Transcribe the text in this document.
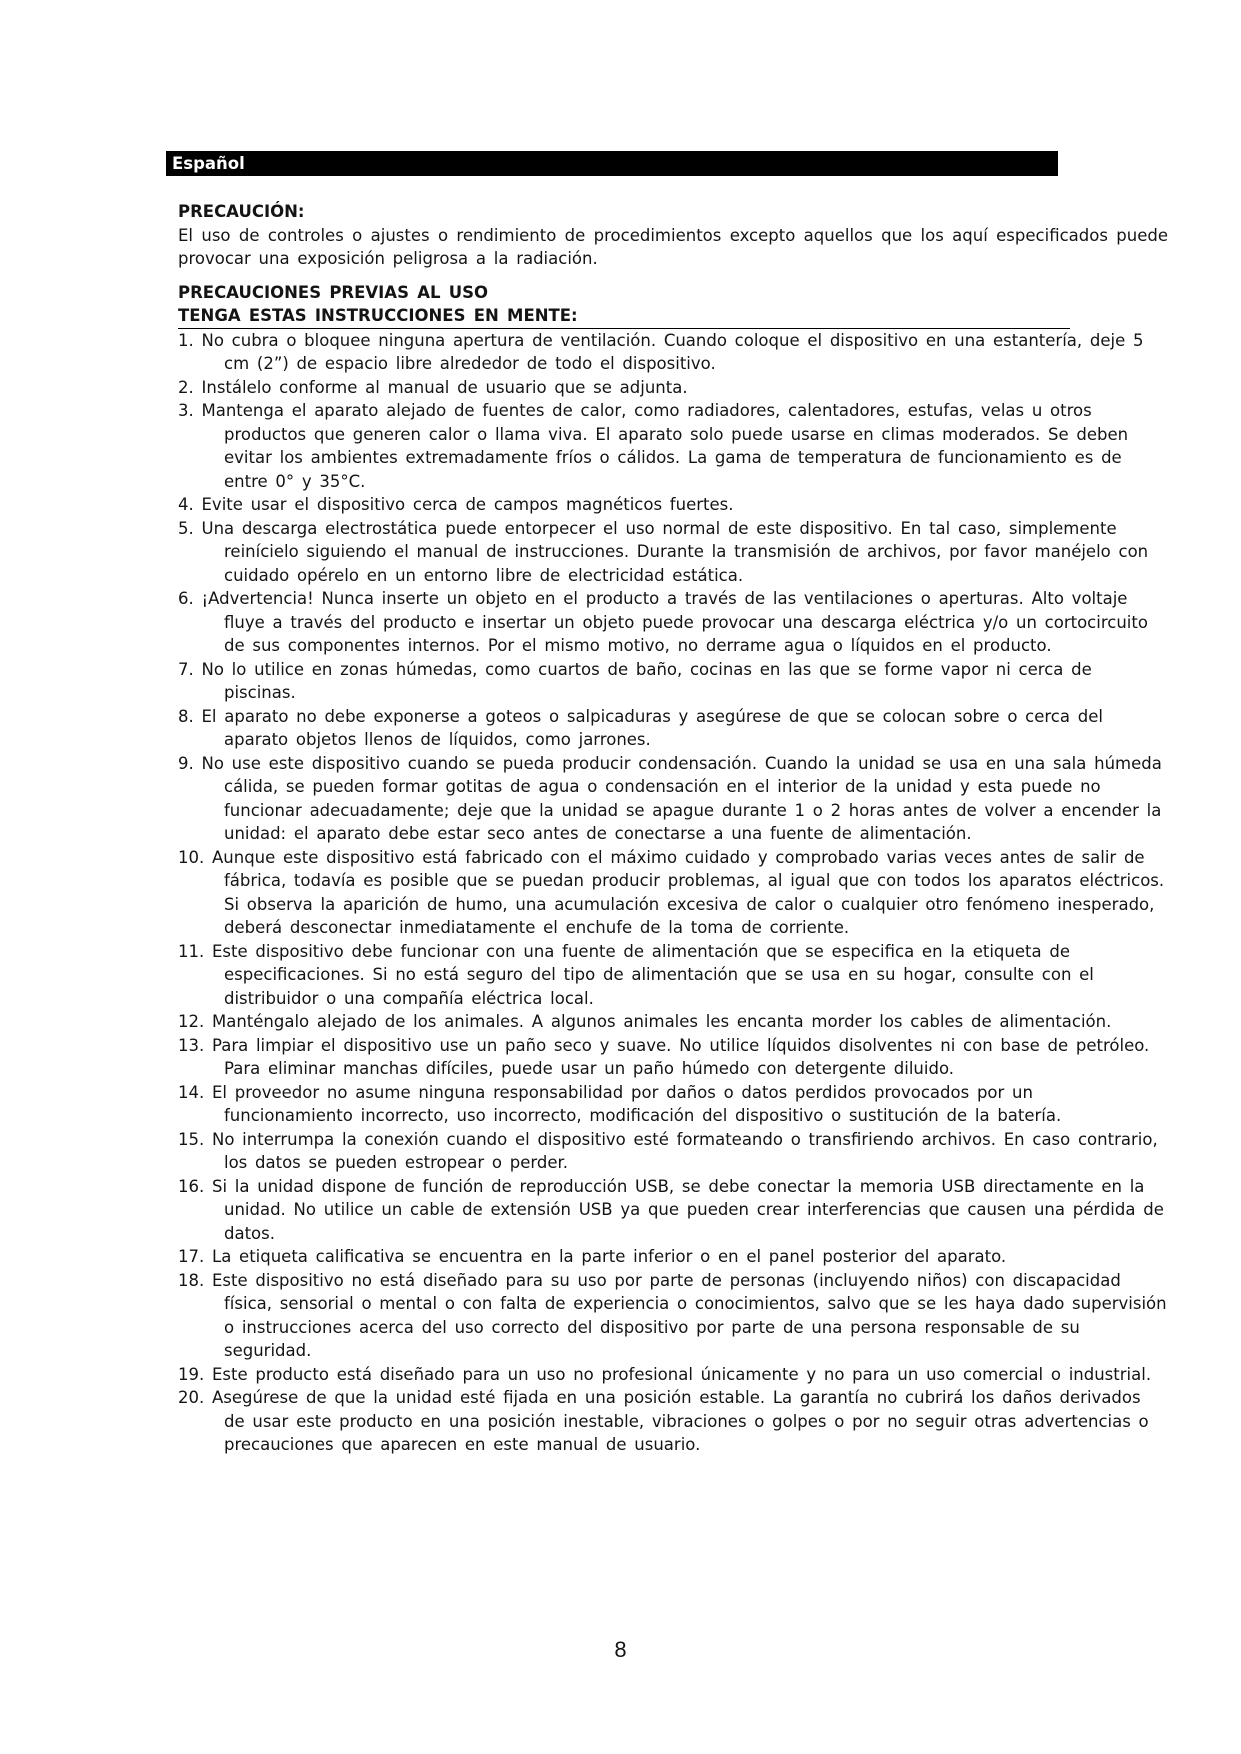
Español
PRECAUCIÓN:

El uso de controles o ajustes o rendimiento de procedimientos excepto aquellos que los aquí especificados puede provocar una exposición peligrosa a la radiación.

PRECAUCIONES PREVIAS AL USO
TENGA ESTAS INSTRUCCIONES EN MENTE:
1. No cubra o bloquee ninguna apertura de ventilación. Cuando coloque el dispositivo en una estantería, deje 5 cm (2”) de espacio libre alrededor de todo el dispositivo.
2. Instálelo conforme al manual de usuario que se adjunta.
3. Mantenga el aparato alejado de fuentes de calor, como radiadores, calentadores, estufas, velas u otros productos que generen calor o llama viva. El aparato solo puede usarse en climas moderados. Se deben evitar los ambientes extremadamente fríos o cálidos. La gama de temperatura de funcionamiento es de entre 0° y 35°C.
4. Evite usar el dispositivo cerca de campos magnéticos fuertes.
5. Una descarga electrostática puede entorpecer el uso normal de este dispositivo. En tal caso, simplemente reinícielo siguiendo el manual de instrucciones. Durante la transmisión de archivos, por favor manéjelo con cuidado opérelo en un entorno libre de electricidad estática.
6. ¡Advertencia! Nunca inserte un objeto en el producto a través de las ventilaciones o aperturas. Alto voltaje fluye a través del producto e insertar un objeto puede provocar una descarga eléctrica y/o un cortocircuito de sus componentes internos. Por el mismo motivo, no derrame agua o líquidos en el producto.
7. No lo utilice en zonas húmedas, como cuartos de baño, cocinas en las que se forme vapor ni cerca de piscinas.
8. El aparato no debe exponerse a goteos o salpicaduras y asegúrese de que se colocan sobre o cerca del aparato objetos llenos de líquidos, como jarrones.
9. No use este dispositivo cuando se pueda producir condensación. Cuando la unidad se usa en una sala húmeda cálida, se pueden formar gotitas de agua o condensación en el interior de la unidad y esta puede no funcionar adecuadamente; deje que la unidad se apague durante 1 o 2 horas antes de volver a encender la unidad: el aparato debe estar seco antes de conectarse a una fuente de alimentación.
10. Aunque este dispositivo está fabricado con el máximo cuidado y comprobado varias veces antes de salir de fábrica, todavía es posible que se puedan producir problemas, al igual que con todos los aparatos eléctricos. Si observa la aparición de humo, una acumulación excesiva de calor o cualquier otro fenómeno inesperado, deberá desconectar inmediatamente el enchufe de la toma de corriente.
11. Este dispositivo debe funcionar con una fuente de alimentación que se especifica en la etiqueta de especificaciones. Si no está seguro del tipo de alimentación que se usa en su hogar, consulte con el distribuidor o una compañía eléctrica local.
12. Manténgalo alejado de los animales. A algunos animales les encanta morder los cables de alimentación.
13. Para limpiar el dispositivo use un paño seco y suave. No utilice líquidos disolventes ni con base de petróleo. Para eliminar manchas difíciles, puede usar un paño húmedo con detergente diluido.
14. El proveedor no asume ninguna responsabilidad por daños o datos perdidos provocados por un funcionamiento incorrecto, uso incorrecto, modificación del dispositivo o sustitución de la batería.
15. No interrumpa la conexión cuando el dispositivo esté formateando o transfiriendo archivos. En caso contrario, los datos se pueden estropear o perder.
16. Si la unidad dispone de función de reproducción USB, se debe conectar la memoria USB directamente en la unidad. No utilice un cable de extensión USB ya que pueden crear interferencias que causen una pérdida de datos.
17. La etiqueta calificativa se encuentra en la parte inferior o en el panel posterior del aparato.
18. Este dispositivo no está diseñado para su uso por parte de personas (incluyendo niños) con discapacidad física, sensorial o mental o con falta de experiencia o conocimientos, salvo que se les haya dado supervisión o instrucciones acerca del uso correcto del dispositivo por parte de una persona responsable de su seguridad.
19. Este producto está diseñado para un uso no profesional únicamente y no para un uso comercial o industrial.
20. Asegúrese de que la unidad esté fijada en una posición estable. La garantía no cubrirá los daños derivados de usar este producto en una posición inestable, vibraciones o golpes o por no seguir otras advertencias o precauciones que aparecen en este manual de usuario.
8
